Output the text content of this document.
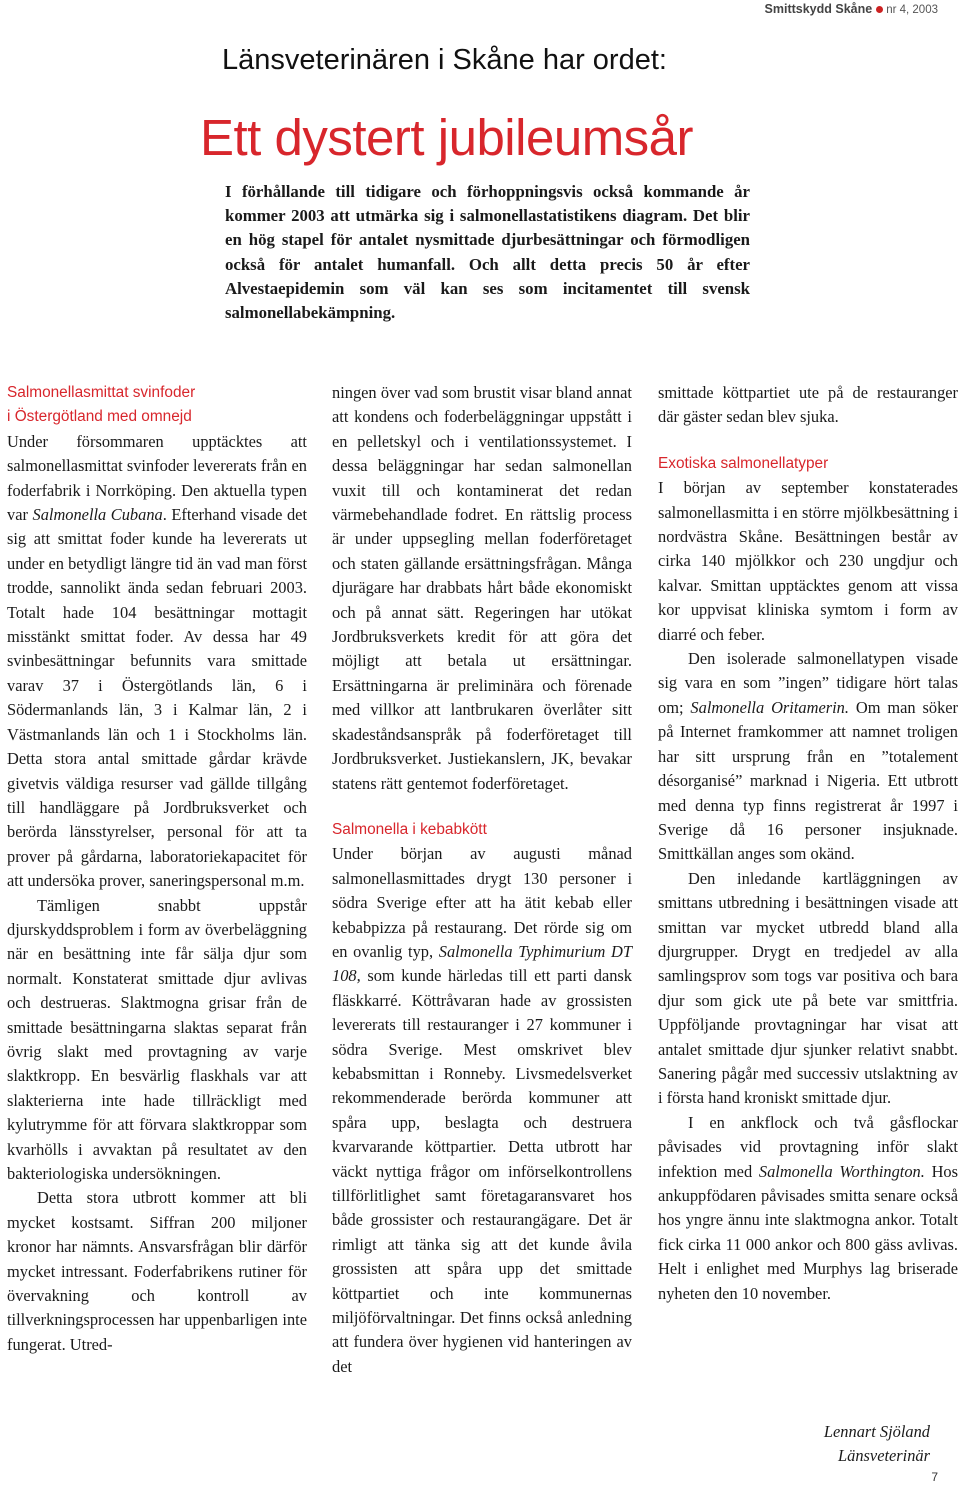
Smittskydd Skåne nr 4, 2003
Länsveterinären i Skåne har ordet:
Ett dystert jubileumsår

I förhållande till tidigare och förhoppningsvis också kommande år kommer 2003 att utmärka sig i salmonellastatistikens diagram. Det blir en hög stapel för antalet nysmittade djurbesättningar och förmodligen också för antalet humanfall. Och allt detta precis 50 år efter Alvestaepidemin som väl kan ses som incitamentet till svensk salmonellabekämpning.

Salmonellasmittat svinfoder
i Östergötland med omnejd

Under försommaren upptäcktes att salmonellasmittat svinfoder levererats från en foderfabrik i Norrköping. Den aktuella typen var Salmonella Cubana. Efterhand visade det sig att smittat foder kunde ha levererats ut under en betydligt längre tid än vad man först trodde, sannolikt ända sedan februari 2003. Totalt hade 104 besättningar mottagit misstänkt smittat foder. Av dessa har 49 svinbesättningar befunnits vara smittade varav 37 i Östergötlands län, 6 i Södermanlands län, 3 i Kalmar län, 2 i Västmanlands län och 1 i Stockholms län. Detta stora antal smittade gårdar krävde givetvis väldiga resurser vad gällde tillgång till handläggare på Jordbruksverket och berörda länsstyrelser, personal för att ta prover på gårdarna, laboratoriekapacitet för att undersöka prover, saneringspersonal m.m.

Tämligen snabbt uppstår djurskyddsproblem i form av överbeläggning när en besättning inte får sälja djur som normalt. Konstaterat smittade djur avlivas och destrueras. Slaktmogna grisar från de smittade besättningarna slaktas separat från övrig slakt med provtagning av varje slaktkropp. En besvärlig flaskhals var att slakterierna inte hade tillräckligt med kylutrymme för att förvara slaktkroppar som kvarhölls i avvaktan på resultatet av den bakteriologiska undersökningen.

Detta stora utbrott kommer att bli mycket kostsamt. Siffran 200 miljoner kronor har nämnts. Ansvarsfrågan blir därför mycket intressant. Foderfabrikens rutiner för övervakning och kontroll av tillverkningsprocessen har uppenbarligen inte fungerat. Utred-

ningen över vad som brustit visar bland annat att kondens och foderbeläggningar uppstått i en pelletskyl och i ventilationssystemet. I dessa beläggningar har sedan salmonellan vuxit till och kontaminerat det redan värmebehandlade fodret. En rättslig process är under uppsegling mellan foderföretaget och staten gällande ersättningsfrågan. Många djurägare har drabbats hårt både ekonomiskt och på annat sätt. Regeringen har utökat Jordbruksverkets kredit för att göra det möjligt att betala ut ersättningar. Ersättningarna är preliminära och förenade med villkor att lantbrukaren överlåter sitt skadeståndsanspråk på foderföretaget till Jordbruksverket. Justiekanslern, JK, bevakar statens rätt gentemot foderföretaget.

Salmonella i kebabkött

Under början av augusti månad salmonellasmittades drygt 130 personer i södra Sverige efter att ha ätit kebab eller kebabpizza på restaurang. Det rörde sig om en ovanlig typ, Salmonella Typhimurium DT 108, som kunde härledas till ett parti dansk fläskkarré. Köttråvaran hade av grossisten levererats till restauranger i 27 kommuner i södra Sverige. Mest omskrivet blev kebabsmittan i Ronneby. Livsmedelsverket rekommenderade berörda kommuner att spåra upp, beslagta och destruera kvarvarande köttpartier. Detta utbrott har väckt nyttiga frågor om införselkontrollens tillförlitlighet samt företagaransvaret hos både grossister och restaurangägare. Det är rimligt att tänka sig att det kunde åvila grossisten att spåra upp det smittade köttpartiet och inte kommunernas miljöförvaltningar. Det finns också anledning att fundera över hygienen vid hanteringen av det

smittade köttpartiet ute på de restauranger där gäster sedan blev sjuka.

Exotiska salmonellatyper

I början av september konstaterades salmonellasmitta i en större mjölkbesättning i nordvästra Skåne. Besättningen består av cirka 140 mjölkkor och 230 ungdjur och kalvar. Smittan upptäcktes genom att vissa kor uppvisat kliniska symtom i form av diarré och feber.

Den isolerade salmonellatypen visade sig vara en som ”ingen” tidigare hört talas om; Salmonella Oritamerin. Om man söker på Internet framkommer att namnet troligen har sitt ursprung från en ”totalement désorganisé” marknad i Nigeria. Ett utbrott med denna typ finns registrerat år 1997 i Sverige då 16 personer insjuknade. Smittkällan anges som okänd.

Den inledande kartläggningen av smittans utbredning i besättningen visade att smittan var mycket utbredd bland alla djurgrupper. Drygt en tredjedel av alla samlingsprov som togs var positiva och bara djur som gick ute på bete var smittfria. Uppföljande provtagningar har visat att antalet smittade djur sjunker relativt snabbt. Sanering pågår med successiv utslaktning av i första hand kroniskt smittade djur.

I en ankflock och två gåsflockar påvisades vid provtagning inför slakt infektion med Salmonella Worthington. Hos ankuppfödaren påvisades smitta senare också hos yngre ännu inte slaktmogna ankor. Totalt fick cirka 11 000 ankor och 800 gäss avlivas. Helt i enlighet med Murphys lag briserade nyheten den 10 november.

Lennart Sjöland
Länsveterinär
7
